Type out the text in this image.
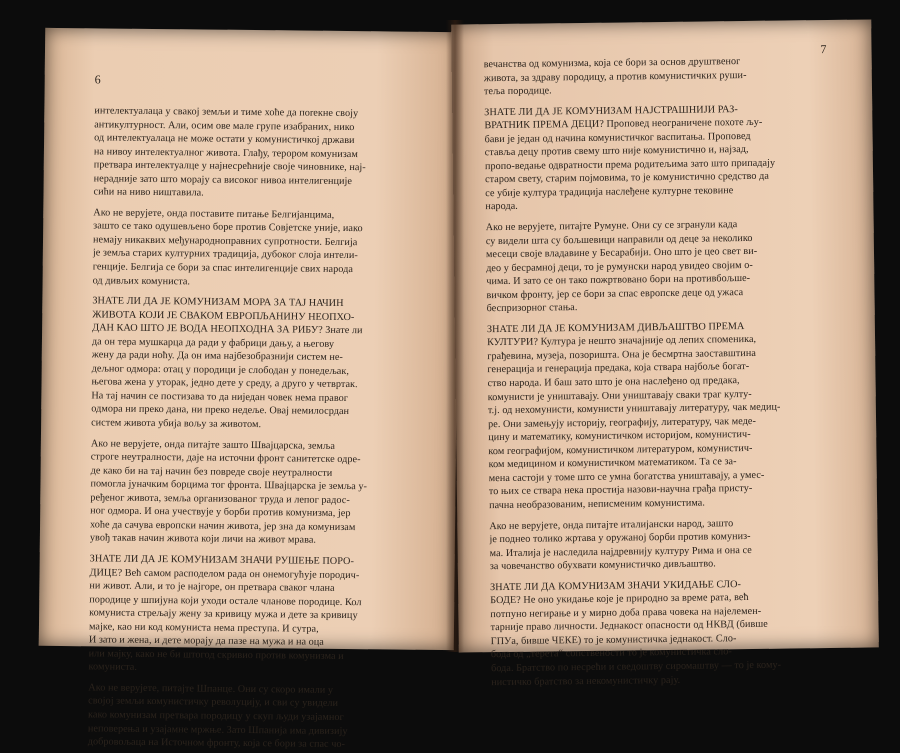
6
интелектуалаца у свакој земљи и тиме хоће да поreкне свoју
антикултурност. Али, осим ове мале групе изабраних, нико
од интелектуалаца не може остати у комунистичкој држави
на нивоу интелектуалног живота. Глађу, терором комунизам
претвара интелектуалце у најнесрећније своје чиновнике, нај-
нерадније зато што морају са високог нивоа интелигенције
сићи на ниво ништавила.
Ако не верујете, онда поставите питање Белгијанцима,
зашто се тако одушевљено боре против Совјетске уније, иако
немају никаквих међународноправних супротности. Белгија
је земља старих културних традиција, дубоког слоја интели-
генције. Белгија се бори за спас интелигенције свих народа
од дивљих комуниста.
ЗНАТЕ ЛИ ДА ЈЕ КОМУНИЗАМ МОРА ЗА ТАЈ НАЧИН
ЖИВОТА КОЈИ ЈЕ СВАКОМ ЕВРОПЉАНИНУ НЕОПХО-
ДАН КАО ШТО ЈЕ ВОДА НЕОПХОДНА ЗА РИБУ? Знате ли
да он тера мушкарца да ради у фабрици дању, а његову
жену да ради ноћу. Да он има најбезобразнији систем не-
дељног одмора: отац у породици је слободан у понедељак,
његова жена у уторак, једно дете у среду, а друго у четвртак.
На тај начин се постизава то да ниједан човек нема правог
одмора ни преко дана, ни преко недеље. Овај немилосрдан
систем живота убија вољу за животом.
Ако не верујете, онда питајте зашто Швајцарска, земља
строге неутралности, даје на источни фронт санитетске одре-
де како би на тај начин без повреде своје неутралности
помогла јуначким борцима тог фронта. Швајцарска је земља у-
ређеног живота, земља организованог труда и лепог радос-
ног одмора. И она учествује у борби против комунизма, јер
хоће да сачува европски начин живота, јер зна да комунизам
увођ такав начин живота који личи на живот мрава.
ЗНАТЕ ЛИ ДА ЈЕ КОМУНИЗАМ ЗНАЧИ РУШЕЊЕ ПОРО-
ДИЦЕ? Већ самом расподелом рада он онемогућује породич-
ни живот. Али, и то је најгоре, он претвара сваког члана
породице у шпијуна који уходи остале чланове породице. Кол
комуниста стрељају жену за кривицу мужа и дете за кривицу
мајке, као ни код комуниста нема преступа. И сутра,
И зато и жена, и дете морају да пазе на мужа и на оца
или мајку, како не би штогод скривио против комунизма и
комуниста.
Ако не верујете, питајте Шпанце. Они су скоро имали у
својој земљи комунистичку револуцију, и сви су увидели
како комунизам претвара породицу у скуп људи узајамног
неповерења и узајамне мржње. Зато Шпанија има дивизију
добровољаца на Источном фронту, која се бори за спас чо-
7
вечанства од комунизма, која се бори за основ друштвеног
живота, за здраву породицу, а против комунистичких руши-
теља породице.
ЗНАТЕ ЛИ ДА ЈЕ КОМУНИЗАМ НАЈСТРАШНИЈИ РАЗ-
ВРАТНИК ПРЕМА ДЕЦИ? Проповед неограничене похоте љу-
бави је један од начина комунистичког васпитања. Проповед
ставља децу против свему што није комунистично и, најзад,
пропо-ведање одвратности према родитељима зато што припадају
старом свету, старим појмовима, то је комунистично средство да
се убије култура традиција наслеђене културне тековине
народа.
Ако не верујете, питајте Румуне. Они су се згранули када
су видели шта су бољшевици направили од деце за неколико
месеци своје владавине у Бесарабији. Оно што је цео свет ви-
део у бесрамној деци, то је румунски народ увидео својим о-
чима. И зато се он тако пожртвовано бори на противбољше-
вичком фронту, јер се бори за спас европске деце од ужаса
беспризорног стања.
ЗНАТЕ ЛИ ДА ЈЕ КОМУНИЗАМ ДИВЉАШТВО ПРЕМА
КУЛТУРИ? Култура је нешто значајније од лепих споменика,
грађевина, музеја, позоришта. Она је бесмртна заоставштина
генерација и генерација предака, која ствара најбоље богат-
ство народа. И баш зато што је она наслеђено од предака,
комунисти је уништавају. Они уништавају сваки траг култу-
т.ј. од нехомунисти, комунисти уништавају литературу, чак медиц-
ре. Они замењују историју, географију, литературу, чак меде-
цину и математику, комунистичком историјом, комунистич-
ком географијом, комунистичком литературом, комунистич-
ком медицином и комунистичком математиком. Та се за-
мена састоји у томе што се умна богатства уништавају, а умес-
то њих се ствара нека простија назови-научна грађа присту-
пачна необразованим, неписменим комунистима.
Ако не верујете, онда питајте италијански народ, зашто
је поднео толико жртава у оружаној борби против комуниз-
ма. Италија је наследила најдревнију културу Рима и она се
за човечанство обухвати комунистичко дивљаштво.
ЗНАТЕ ЛИ ДА КОМУНИЗАМ ЗНАЧИ УКИДАЊЕ СЛО-
БОДЕ? Не оно укидање које је природно за време рата, већ
потпуно негирање и у мирно доба права човека на најелемен-
тарније право личности. Једнакост опасности од НКВД (бивше
ГПУа, бивше ЧЕКЕ) то је комунистичка једнакост. Сло-
бода од „терета“ сопствености то је комунистичка сло-
бода. Братство по несрећи и сведоштву сиромаштву — то је кому-
нистичко братство за некомунистичку рају.
